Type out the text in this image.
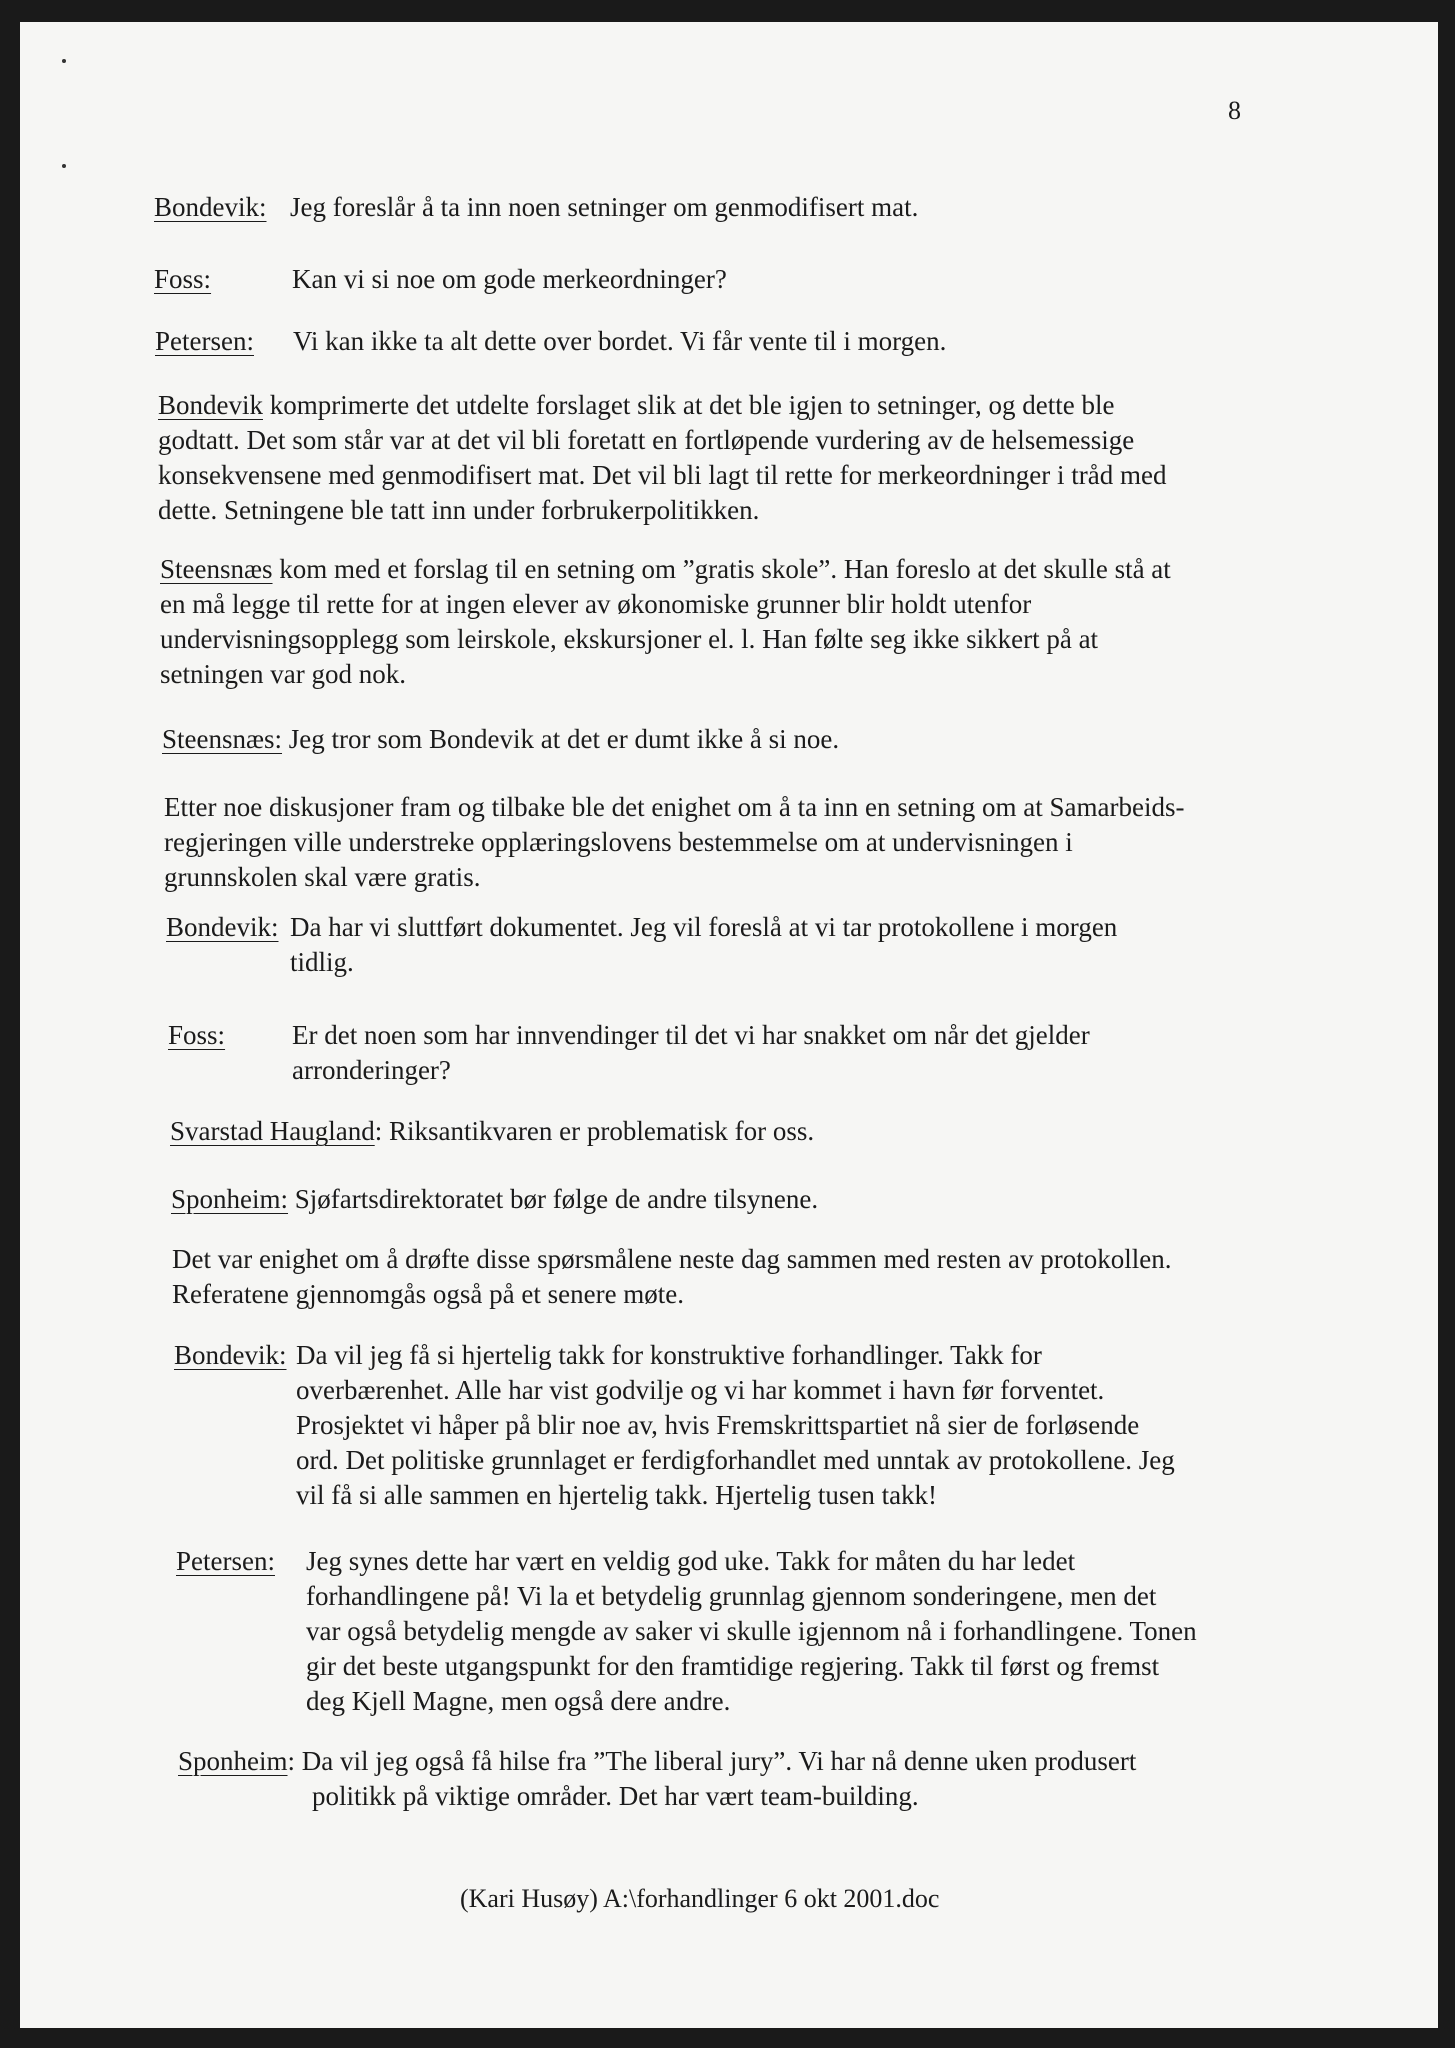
8
Bondevik: Jeg foreslår å ta inn noen setninger om genmodifisert mat.
Foss:	Kan vi si noe om gode merkeordninger?
Petersen: Vi kan ikke ta alt dette over bordet. Vi får vente til i morgen.
Bondevik komprimerte det utdelte forslaget slik at det ble igjen to setninger, og dette ble
godtatt. Det som står var at det vil bli foretatt en fortløpende vurdering av de helsemessige
konsekvensene med genmodifisert mat. Det vil bli lagt til rette for merkeordninger i tråd med
dette. Setningene ble tatt inn under forbrukerpolitikken.
Steensnæs kom med et forslag til en setning om ”gratis skole”. Han foreslo at det skulle stå at
en må legge til rette for at ingen elever av økonomiske grunner blir holdt utenfor
undervisningsopplegg som leirskole, ekskursjoner el. l. Han følte seg ikke sikkert på at
setningen var god nok.
Steensnæs: Jeg tror som Bondevik at det er dumt ikke å si noe.
Etter noe diskusjoner fram og tilbake ble det enighet om å ta inn en setning om at Samarbeids-
regjeringen ville understreke opplæringslovens bestemmelse om at undervisningen i
grunnskolen skal være gratis.
Bondevik: Da har vi sluttført dokumentet. Jeg vil foreslå at vi tar protokollene i morgen
tidlig.
Foss: Er det noen som har innvendinger til det vi har snakket om når det gjelder
arronderinger?
Svarstad Haugland: Riksantikvaren er problematisk for oss.
Sponheim: Sjøfartsdirektoratet bør følge de andre tilsynene.
Det var enighet om å drøfte disse spørsmålene neste dag sammen med resten av protokollen.
Referatene gjennomgås også på et senere møte.
Bondevik: Da vil jeg få si hjertelig takk for konstruktive forhandlinger. Takk for
overbærenhet. Alle har vist godvilje og vi har kommet i havn før forventet.
Prosjektet vi håper på blir noe av, hvis Fremskrittspartiet nå sier de forløsende
ord. Det politiske grunnlaget er ferdigforhandlet med unntak av protokollene. Jeg
vil få si alle sammen en hjertelig takk. Hjertelig tusen takk!
Petersen: Jeg synes dette har vært en veldig god uke. Takk for måten du har ledet
forhandlingene på! Vi la et betydelig grunnlag gjennom sonderingene, men det
var også betydelig mengde av saker vi skulle igjennom nå i forhandlingene. Tonen
gir det beste utgangspunkt for den framtidige regjering. Takk til først og fremst
deg Kjell Magne, men også dere andre.
Sponheim: Da vil jeg også få hilse fra ”The liberal jury”. Vi har nå denne uken produsert
politikk på viktige områder. Det har vært team-building.
(Kari Husøy) A:\forhandlinger 6 okt 2001.doc
